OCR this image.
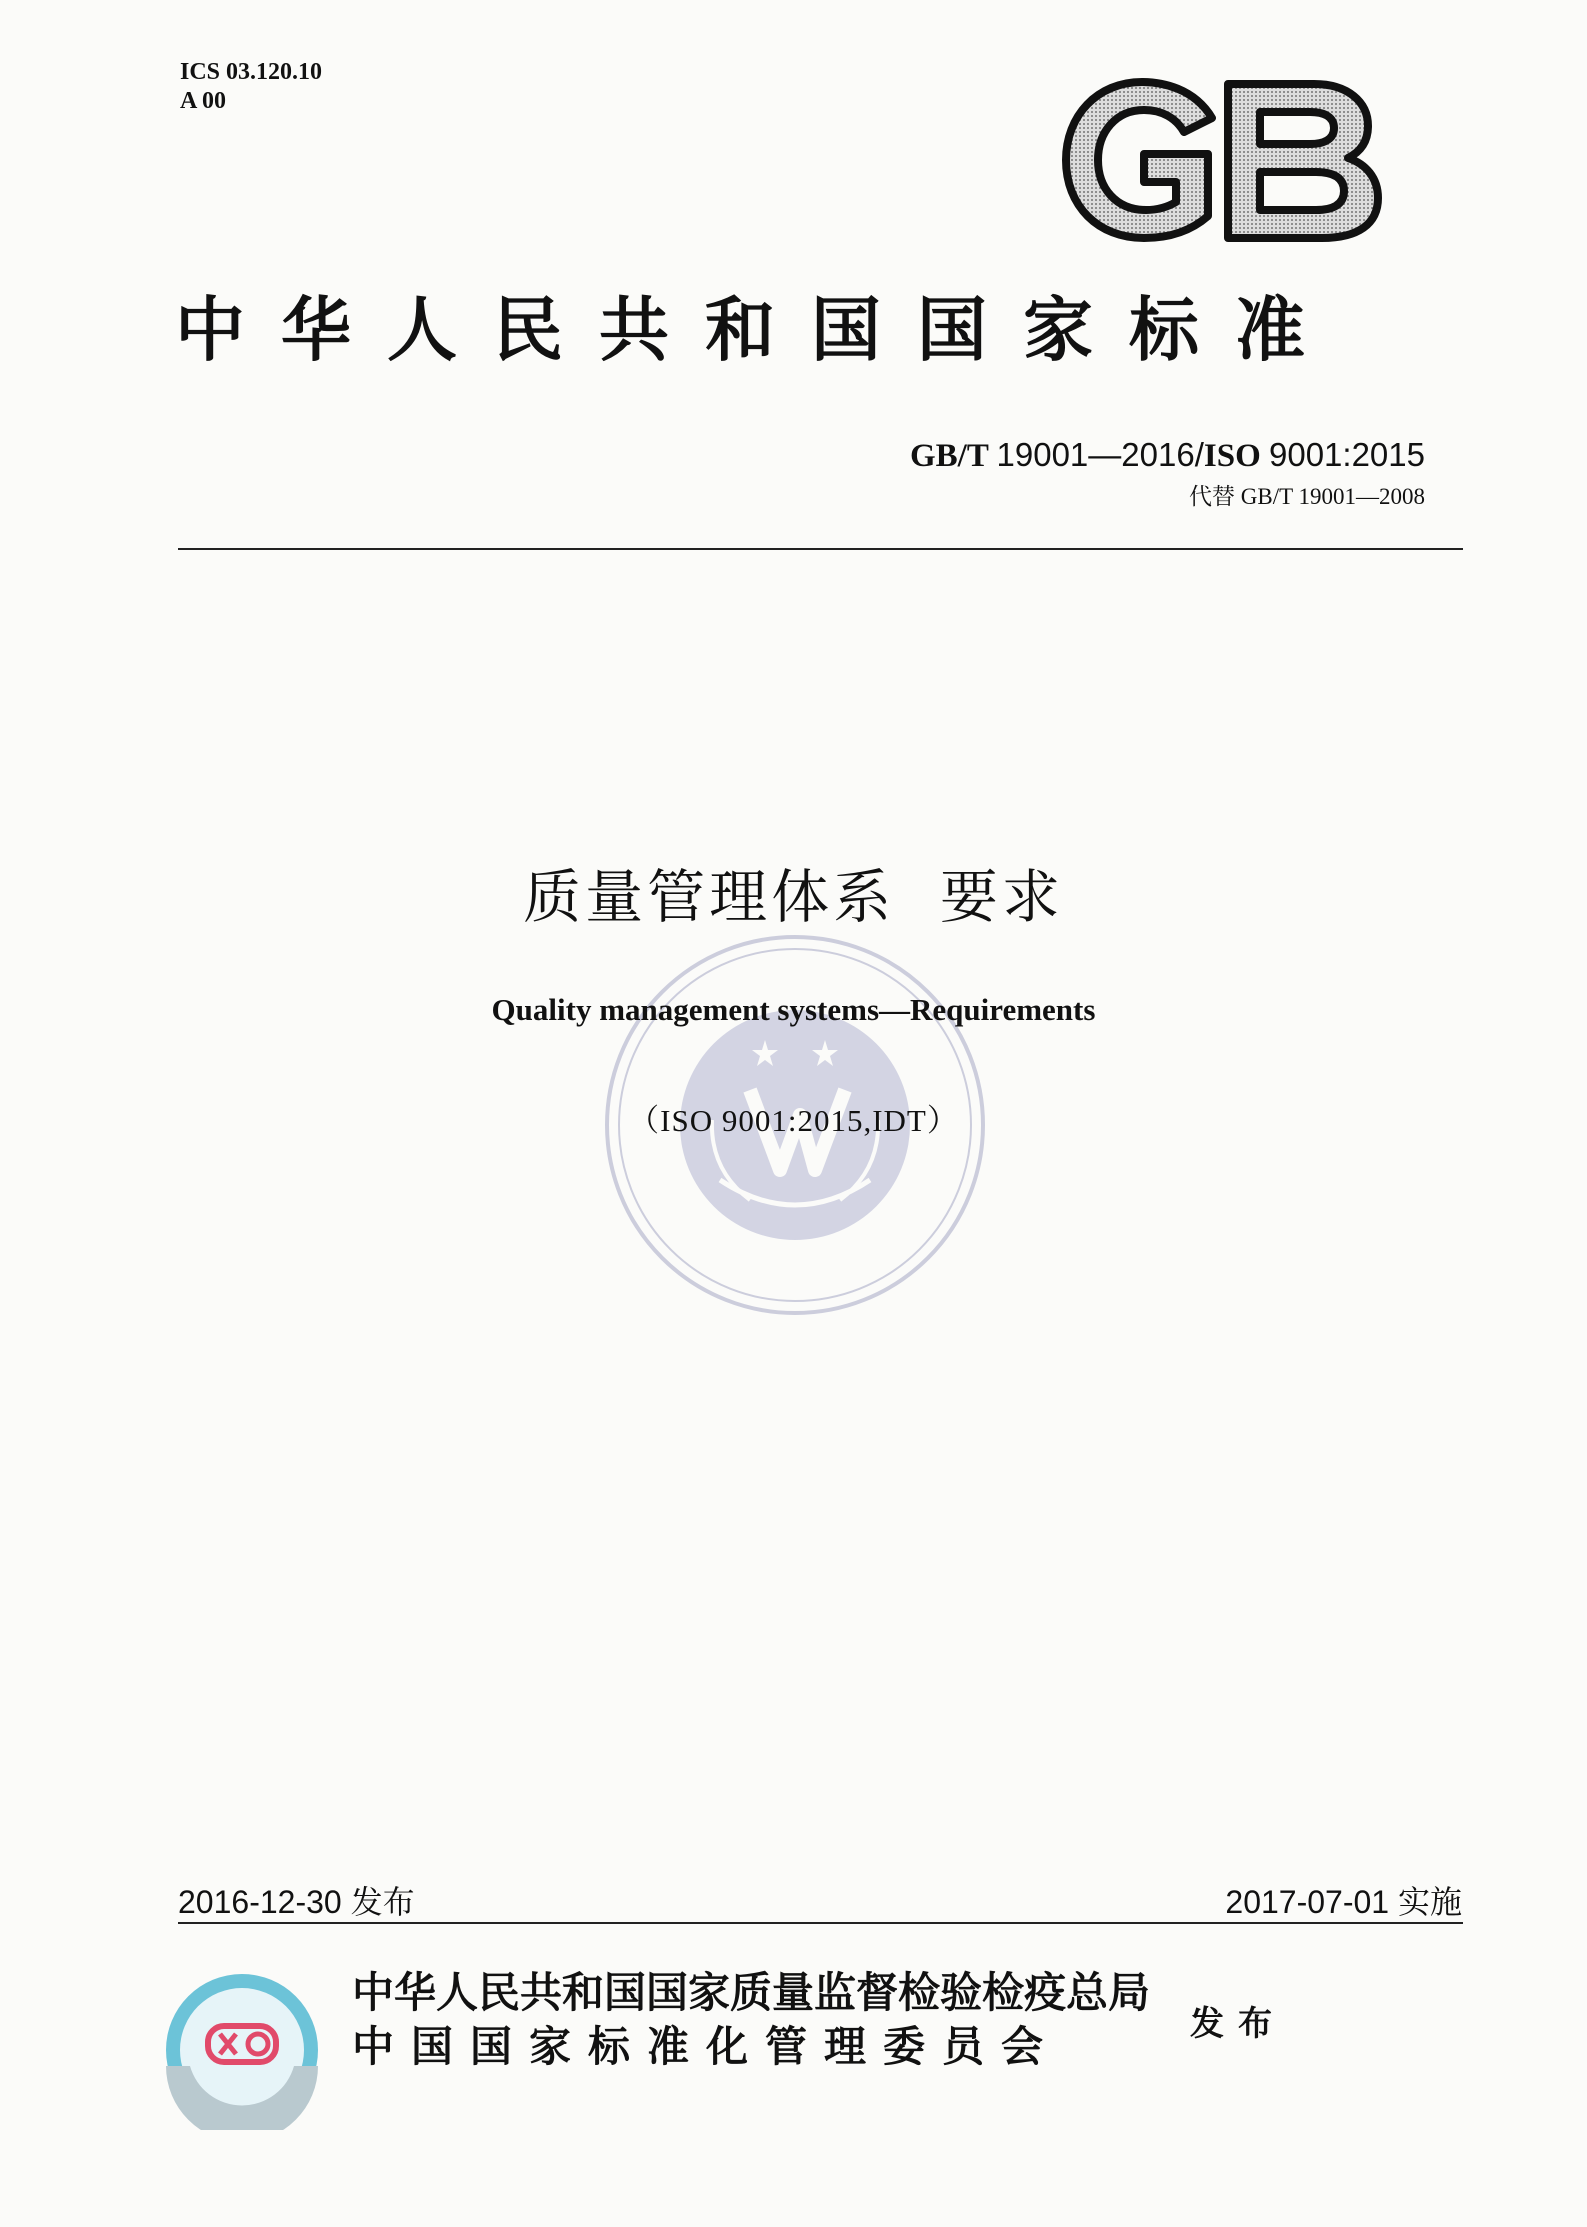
ICS 03.120.10
A 00
中华人民共和国国家标准
GB/T 19001—2016/ISO 9001:2015
代替 GB/T 19001—2008
质量管理体系  要求
Quality management systems—Requirements
（ISO 9001:2015,IDT）
2016-12-30 发布	2017-07-01 实施
中华人民共和国国家质量监督检验检疫总局
中国国家标准化管理委员会	发布
